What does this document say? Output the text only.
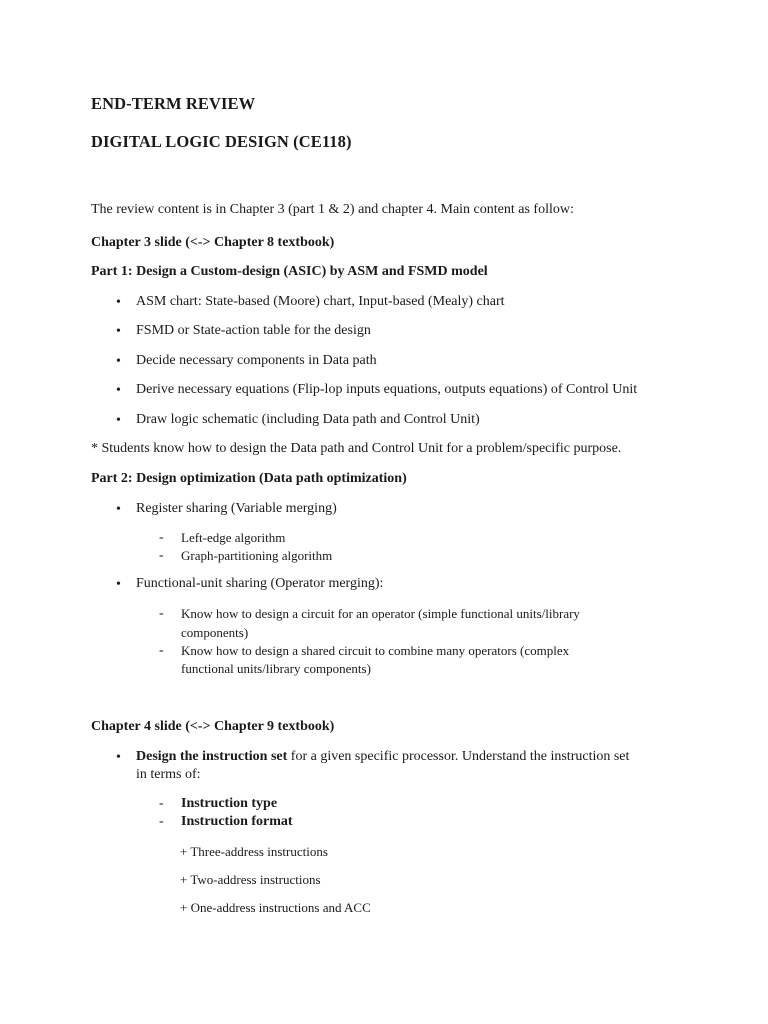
END-TERM REVIEW
DIGITAL LOGIC DESIGN (CE118)
The review content is in Chapter 3 (part 1 & 2) and chapter 4. Main content as follow:
Chapter 3 slide (<-> Chapter 8 textbook)
Part 1: Design a Custom-design (ASIC) by ASM and FSMD model
• ASM chart: State-based (Moore) chart, Input-based (Mealy) chart
• FSMD or State-action table for the design
• Decide necessary components in Data path
• Derive necessary equations (Flip-lop inputs equations, outputs equations) of Control Unit
• Draw logic schematic (including Data path and Control Unit)
* Students know how to design the Data path and Control Unit for a problem/specific purpose.
Part 2: Design optimization (Data path optimization)
• Register sharing (Variable merging)
- Left-edge algorithm
- Graph-partitioning algorithm
• Functional-unit sharing (Operator merging):
- Know how to design a circuit for an operator (simple functional units/library
components)
- Know how to design a shared circuit to combine many operators (complex
functional units/library components)
Chapter 4 slide (<-> Chapter 9 textbook)
• Design the instruction set for a given specific processor. Understand the instruction set
in terms of:
- Instruction type
- Instruction format
+ Three-address instructions
+ Two-address instructions
+ One-address instructions and ACC
